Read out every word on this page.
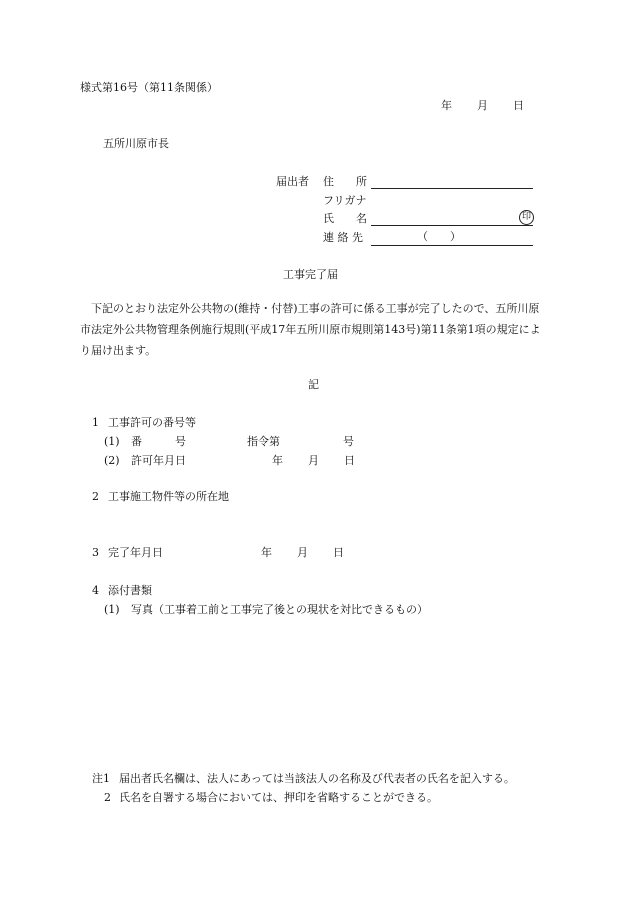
様式第16号（第11条関係）
年 月 日
五所川原市長
届出者 住　　所
フリガナ
氏　　名	印
連 絡 先	（　　）
工事完了届
下記のとおり法定外公共物の(維持・付替)工事の許可に係る工事が完了したので、五所川原市法定外公共物管理条例施行規則(平成17年五所川原市規則第143号)第11条第1項の規定により届け出ます。
記
1 工事許可の番号等
(1) 番　　　号	指令第	号
(2) 許可年月日	年 月 日
2 工事施工物件等の所在地
3 完了年月日	年 月 日
4 添付書類
(1) 写真（工事着工前と工事完了後との現状を対比できるもの）
注1 届出者氏名欄は、法人にあっては当該法人の名称及び代表者の氏名を記入する。
2 氏名を自署する場合においては、押印を省略することができる。
